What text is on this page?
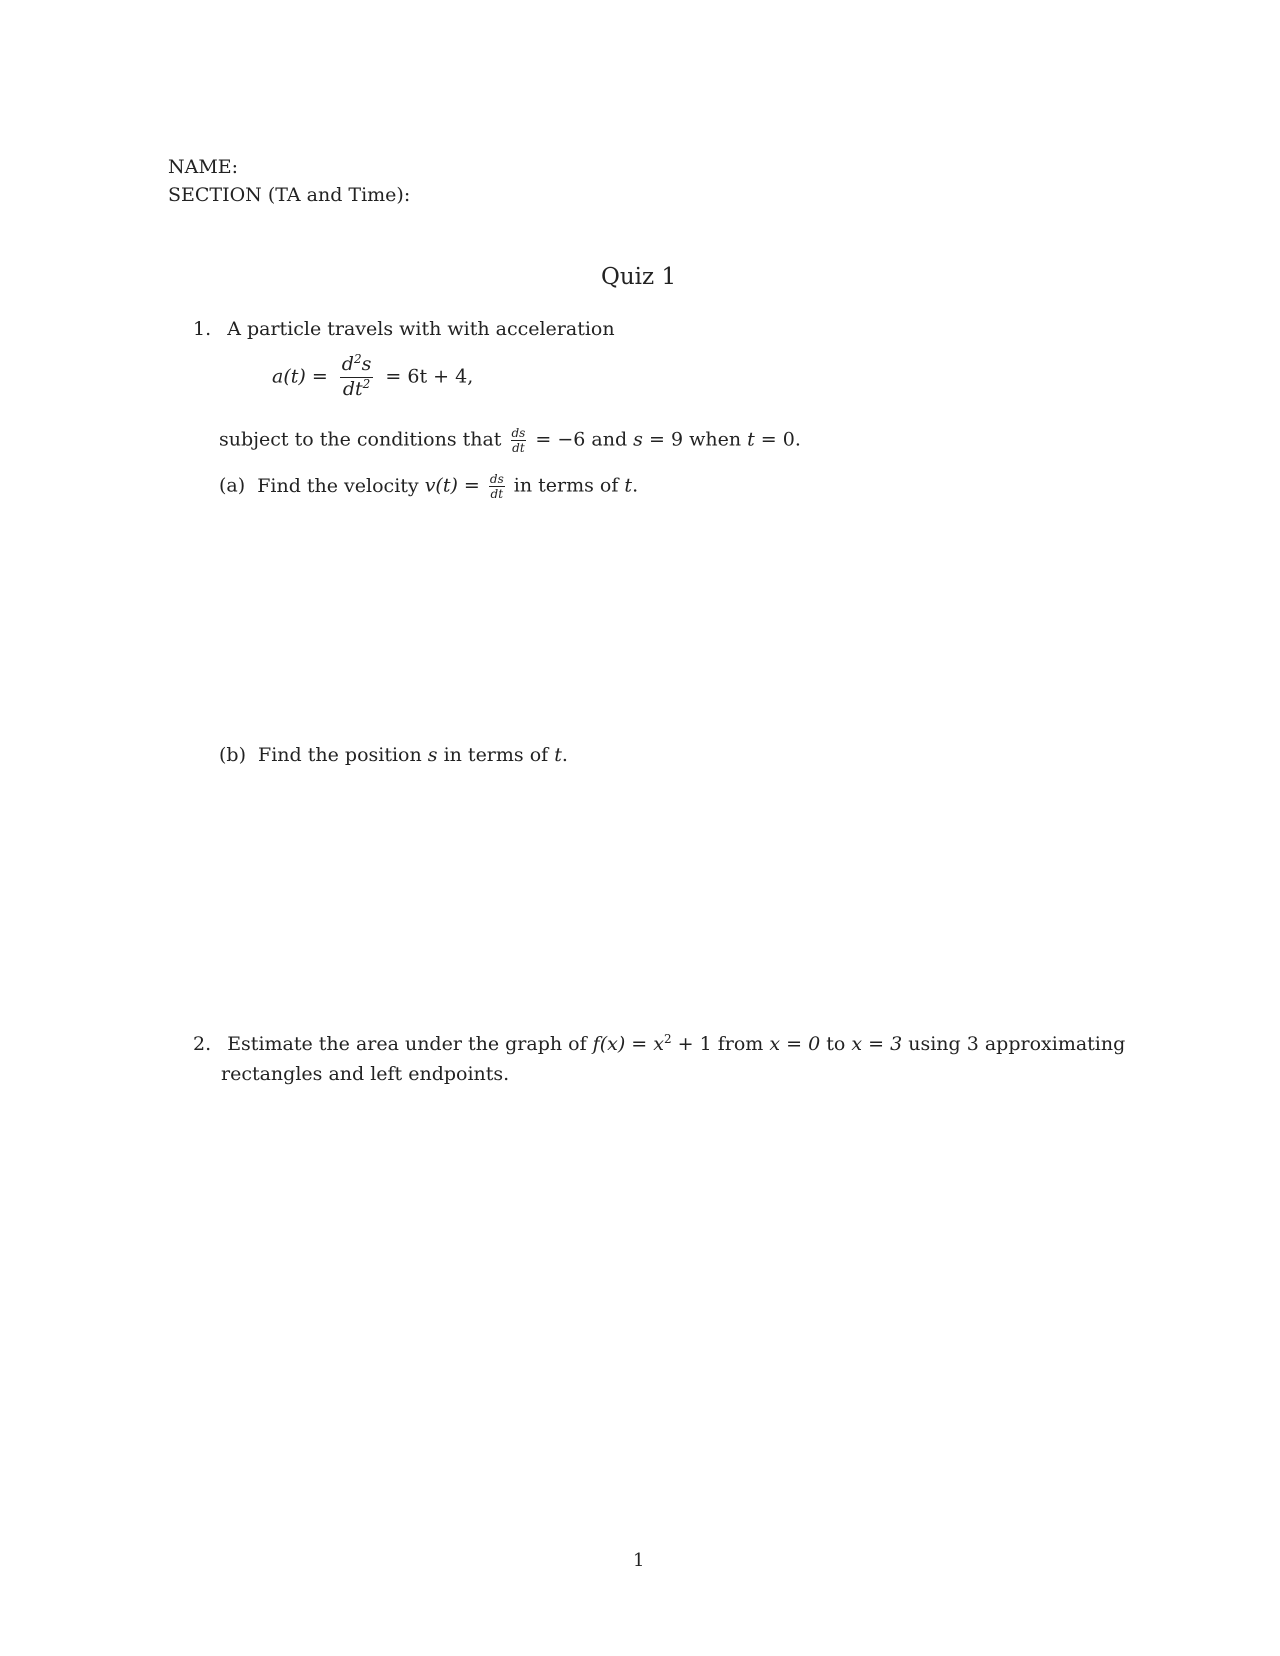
NAME:
SECTION (TA and Time):
Quiz 1
1. A particle travels with with acceleration
$a(t) = \frac{d^2s}{dt^2} = 6t + 4$,
subject to the conditions that $\frac{ds}{dt} = -6$ and s = 9 when t = 0.
(a) Find the velocity $v(t) = \frac{ds}{dt}$ in terms of t.
(b) Find the position s in terms of t.
2. Estimate the area under the graph of $f(x) = x^2 + 1$ from x = 0 to x = 3 using 3 approximating
rectangles and left endpoints.
1
